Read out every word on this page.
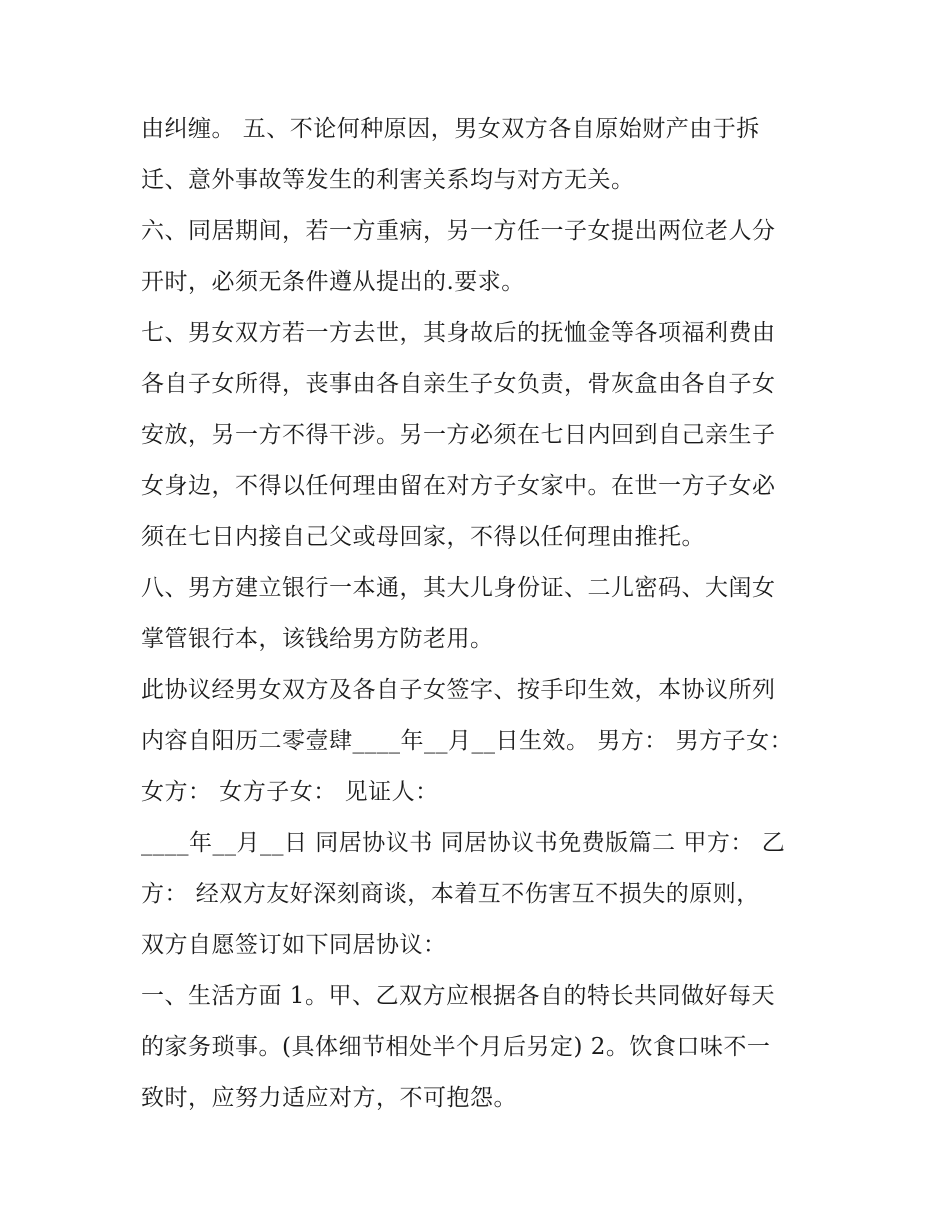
由纠缠。 五、不论何种原因，男女双方各自原始财产由于拆
迁、意外事故等发生的利害关系均与对方无关。
六、同居期间，若一方重病，另一方任一子女提出两位老人分
开时，必须无条件遵从提出的.要求。
七、男女双方若一方去世，其身故后的抚恤金等各项福利费由
各自子女所得，丧事由各自亲生子女负责，骨灰盒由各自子女
安放，另一方不得干涉。另一方必须在七日内回到自己亲生子
女身边，不得以任何理由留在对方子女家中。在世一方子女必
须在七日内接自己父或母回家，不得以任何理由推托。
八、男方建立银行一本通，其大儿身份证、二儿密码、大闺女
掌管银行本，该钱给男方防老用。
此协议经男女双方及各自子女签字、按手印生效，本协议所列
内容自阳历二零壹肆____年__月__日生效。 男方： 男方子女：
女方： 女方子女： 见证人：
____年__月__日 同居协议书 同居协议书免费版篇二 甲方： 乙
方： 经双方友好深刻商谈，本着互不伤害互不损失的原则，
双方自愿签订如下同居协议：
一、生活方面 1。甲、乙双方应根据各自的特长共同做好每天
的家务琐事。(具体细节相处半个月后另定) 2。饮食口味不一
致时，应努力适应对方，不可抱怨。
